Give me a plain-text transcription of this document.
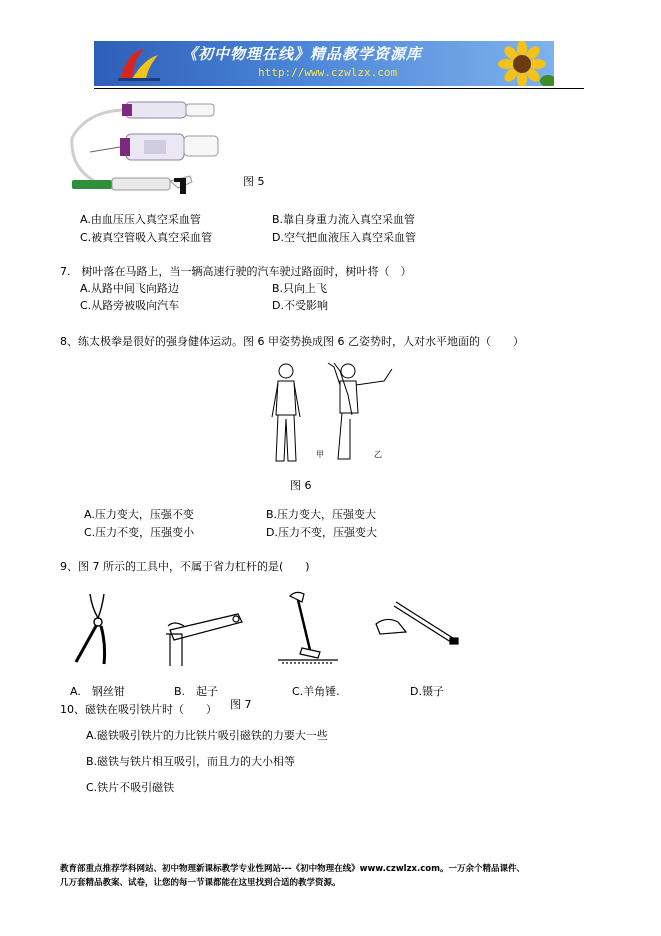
《初中物理在线》精品教学资源库
http://www.czwlzx.com
图 5
A.由血压压入真空采血管	B.靠自身重力流入真空采血管
C.被真空管吸入真空采血管	D.空气把血液压入真空采血管
7.　树叶落在马路上，当一辆高速行驶的汽车驶过路面时，树叶将（　）
A.从路中间飞向路边	B.只向上飞
C.从路旁被吸向汽车	D.不受影响
8、练太极拳是很好的强身健体运动。图 6 甲姿势换成图 6 乙姿势时，人对水平地面的（　　）
甲	乙
图 6
A.压力变大，压强不变	B.压力变大，压强变大
C.压力不变，压强变小	D.压力不变，压强变大
9、图 7 所示的工具中，不属于省力杠杆的是(　　)
A.　钢丝钳	B.　起子	C.羊角锤.	D.镊子
图 7
10、磁铁在吸引铁片时（　　）
A.磁铁吸引铁片的力比铁片吸引磁铁的力要大一些
B.磁铁与铁片相互吸引，而且力的大小相等
C.铁片不吸引磁铁
教育部重点推荐学科网站、初中物理新课标教学专业性网站---《初中物理在线》www.czwlzx.com。一万余个精品课件、
几万套精品教案、试卷，让您的每一节课都能在这里找到合适的教学资源。
